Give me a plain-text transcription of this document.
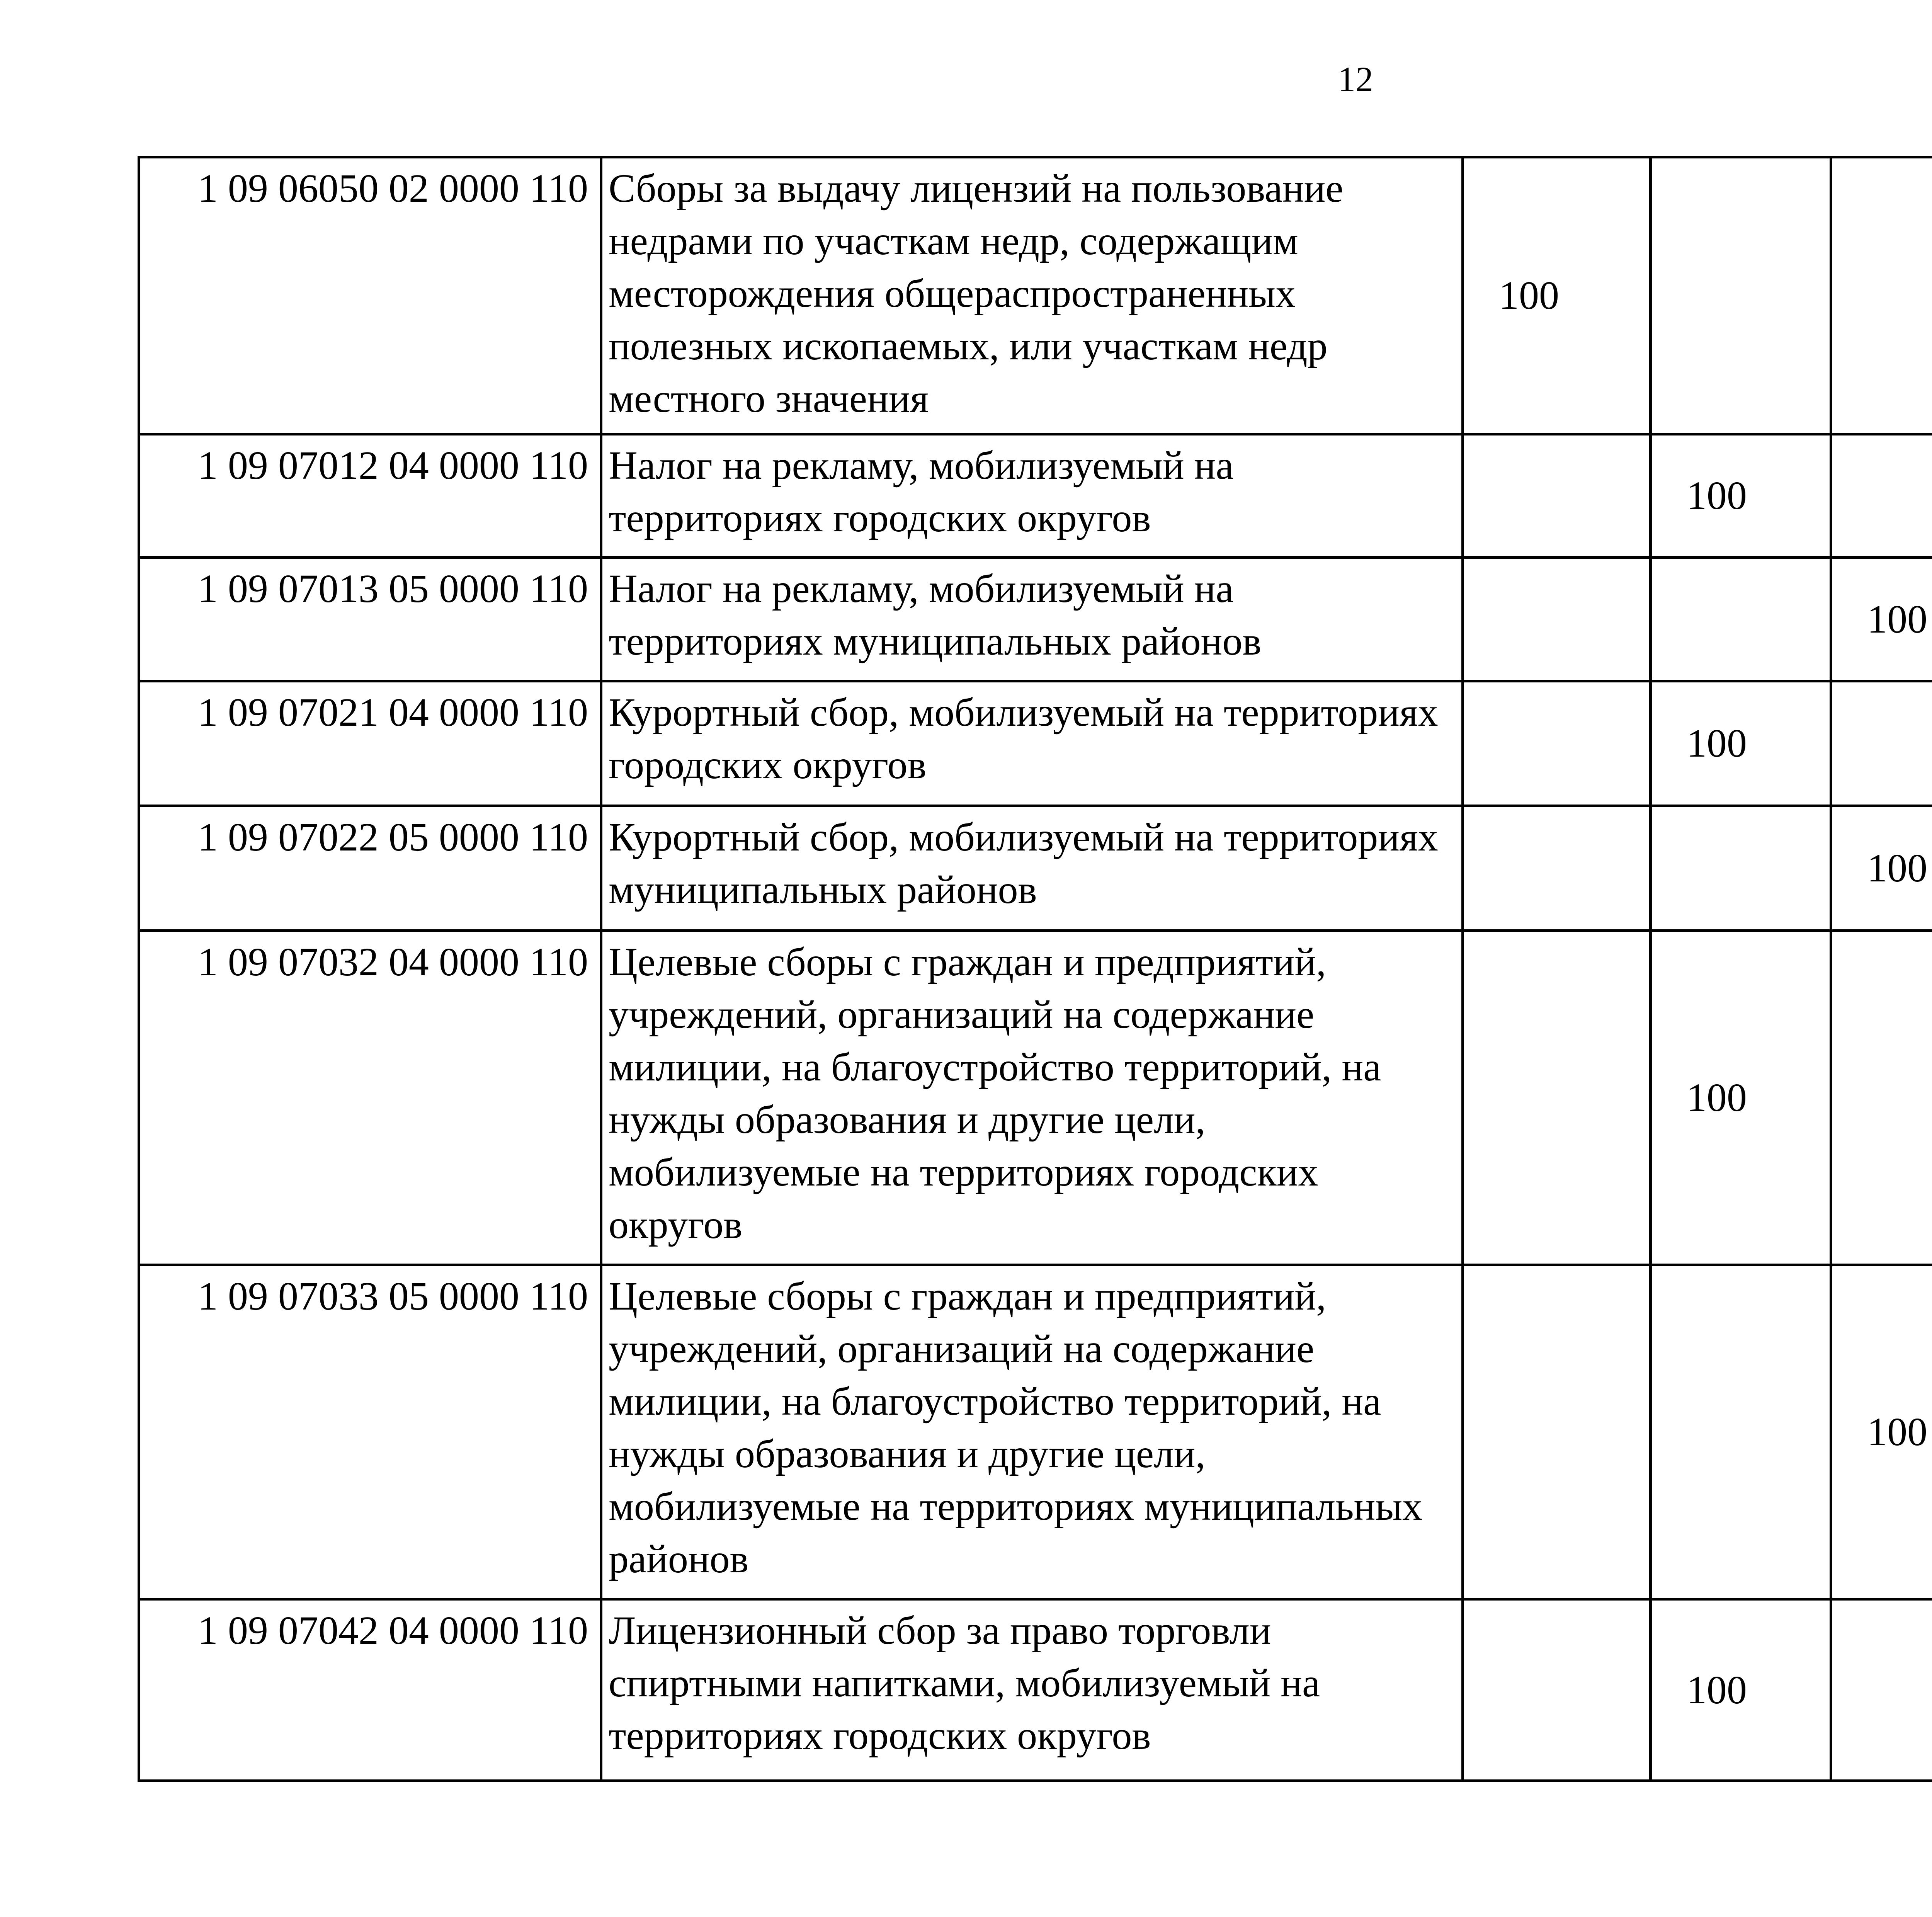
12
1 09 06050 02 0000 110	Сборы за выдачу лицензий на пользование недрами по участкам недр, содержащим месторождения общераспространенных полезных ископаемых, или участкам недр местного значения	100				
1 09 07012 04 0000 110	Налог на рекламу, мобилизуемый на территориях городских округов		100			
1 09 07013 05 0000 110	Налог на рекламу, мобилизуемый на территориях муниципальных районов			100		
1 09 07021 04 0000 110	Курортный сбор, мобилизуемый на территориях городских округов		100			
1 09 07022 05 0000 110	Курортный сбор, мобилизуемый на территориях муниципальных районов			100		
1 09 07032 04 0000 110	Целевые сборы с граждан и предприятий, учреждений, организаций на содержание милиции, на благоустройство территорий, на нужды образования и другие цели, мобилизуемые на территориях городских округов		100			
1 09 07033 05 0000 110	Целевые сборы с граждан и предприятий, учреждений, организаций на содержание милиции, на благоустройство территорий, на нужды образования и другие цели, мобилизуемые на территориях муниципальных районов			100		
1 09 07042 04 0000 110	Лицензионный сбор за право торговли спиртными напитками, мобилизуемый на территориях городских округов		100			
